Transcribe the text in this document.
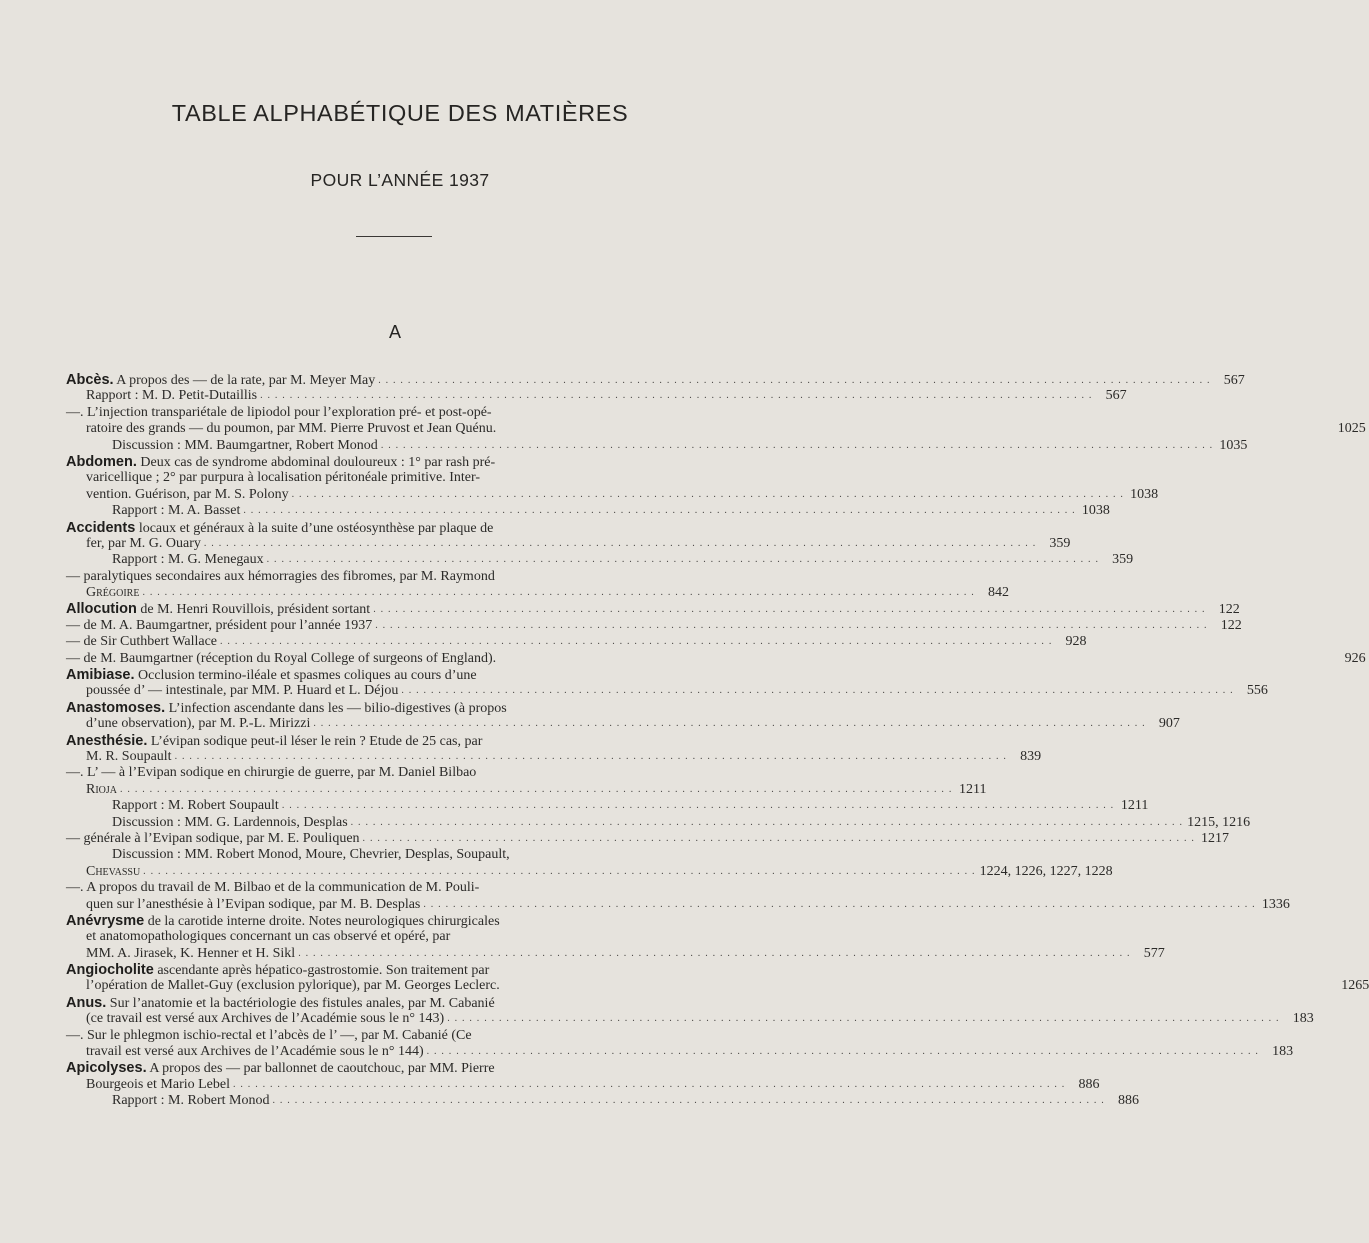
TABLE ALPHABÉTIQUE DES MATIÈRES
POUR L’ANNÉE 1937
A
Abcès. A propos des — de la rate, par M. Meyer May . . .	567
Rapport : M. D. Petit-Dutaillis . . .	567
—. L’injection transpariétale de lipiodol pour l’exploration pré- et post-opé-
ratoire des grands — du poumon, par MM. Pierre Pruvost et Jean Quénu.	1025
Discussion : MM. Baumgartner, Robert Monod . . .	1035
Abdomen. Deux cas de syndrome abdominal douloureux : 1° par rash pré-
varicellique ; 2° par purpura à localisation péritonéale primitive. Inter-
vention. Guérison, par M. S. Polony . . .	1038
Rapport : M. A. Basset . . .	1038
Accidents locaux et généraux à la suite d’une ostéosynthèse par plaque de
fer, par M. G. Ouary . . .	359
Rapport : M. G. Menegaux . . .	359
— paralytiques secondaires aux hémorragies des fibromes, par M. Raymond
Grégoire . . .	842
Allocution de M. Henri Rouvillois, président sortant . . .	122
— de M. A. Baumgartner, président pour l’année 1937 . . .	122
— de Sir Cuthbert Wallace . . .	928
— de M. Baumgartner (réception du Royal College of surgeons of England).	926
Amibiase. Occlusion termino-iléale et spasmes coliques au cours d’une
poussée d’ — intestinale, par MM. P. Huard et L. Déjou . . .	556
Anastomoses. L’infection ascendante dans les — bilio-digestives (à propos
d’une observation), par M. P.-L. Mirizzi . . .	907
Anesthésie. L’évipan sodique peut-il léser le rein ? Etude de 25 cas, par
M. R. Soupault . . .	839
—. L’ — à l’Evipan sodique en chirurgie de guerre, par M. Daniel Bilbao
Rioja . . .	1211
Rapport : M. Robert Soupault . . .	1211
Discussion : MM. G. Lardennois, Desplas . . .	1215, 1216
— générale à l’Evipan sodique, par M. E. Pouliquen . . .	1217
Discussion : MM. Robert Monod, Moure, Chevrier, Desplas, Soupault,
Chevassu . . .	1224, 1226, 1227, 1228
—. A propos du travail de M. Bilbao et de la communication de M. Pouli-
quen sur l’anesthésie à l’Evipan sodique, par M. B. Desplas . . .	1336
Anévrysme de la carotide interne droite. Notes neurologiques chirurgicales
et anatomopathologiques concernant un cas observé et opéré, par
MM. A. Jirasek, K. Henner et H. Sikl . . .	577
Angiocholite ascendante après hépatico-gastrostomie. Son traitement par
l’opération de Mallet-Guy (exclusion pylorique), par M. Georges Leclerc.	1265
Anus. Sur l’anatomie et la bactériologie des fistules anales, par M. Cabanié
(ce travail est versé aux Archives de l’Académie sous le n° 143) . . .	183
—. Sur le phlegmon ischio-rectal et l’abcès de l’ —, par M. Cabanié (Ce
travail est versé aux Archives de l’Académie sous le n° 144) . . .	183
Apicolyses. A propos des — par ballonnet de caoutchouc, par MM. Pierre
Bourgeois et Mario Lebel . . .	886
Rapport : M. Robert Monod . . .	886
